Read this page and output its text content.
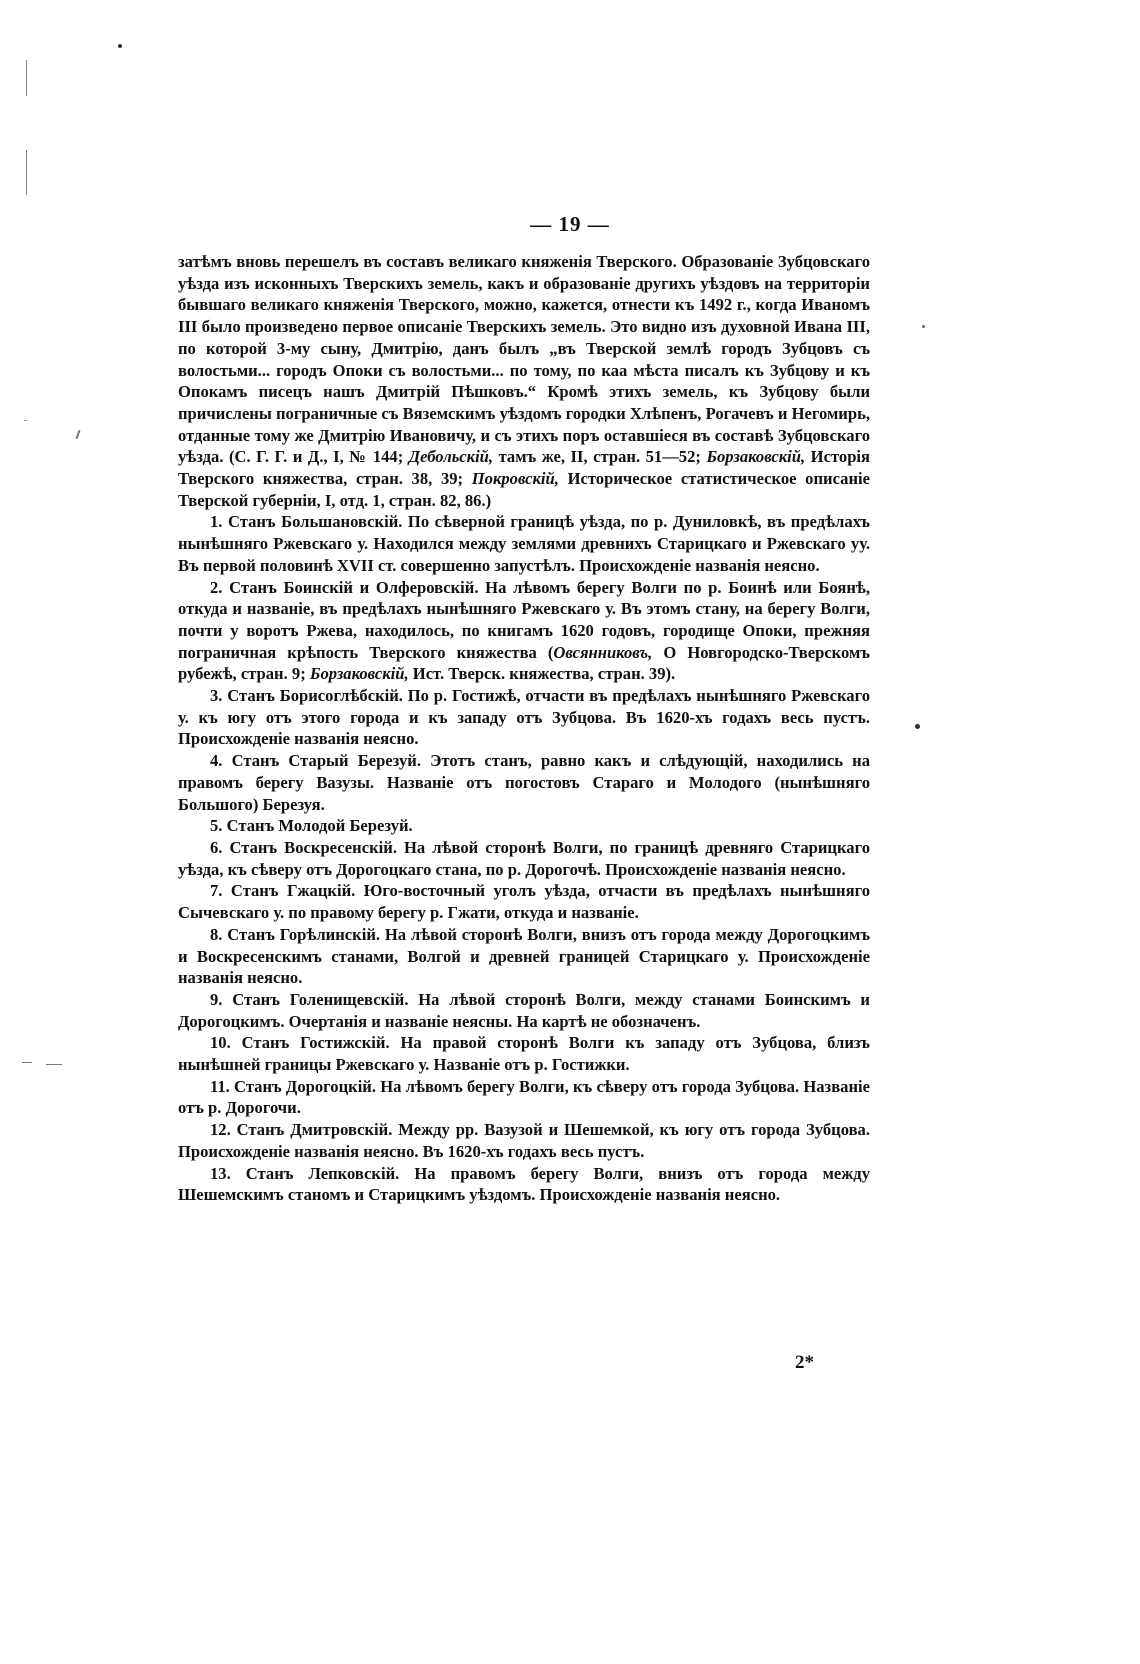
— 19 —

затѣмъ вновь перешелъ въ составъ великаго княженія Тверского. Образованіе Зубцовскаго уѣзда изъ исконныхъ Тверскихъ земель, какъ и образованіе другихъ уѣздовъ на территоріи бывшаго великаго княженія Тверского, можно, кажется, отнести къ 1492 г., когда Иваномъ III было произведено первое описаніе Тверскихъ земель. Это видно изъ духовной Ивана III, по которой 3-му сыну, Дмитрію, данъ былъ „въ Тверской землѣ городъ Зубцовъ съ волостьми... городъ Опоки съ волостьми... по тому, по каа мѣста писалъ къ Зубцову и къ Опокамъ писецъ нашъ Дмитрій Пѣшковъ.“ Кромѣ этихъ земель, къ Зубцову были причислены пограничные съ Вяземскимъ уѣздомъ городки Хлѣпенъ, Рогачевъ и Негомирь, отданные тому же Дмитрію Ивановичу, и съ этихъ поръ оставшіеся въ составѣ Зубцовскаго уѣзда. (С. Г. Г. и Д., I, № 144; Дебольскій, тамъ же, II, стран. 51—52; Борзаковскій, Исторія Тверского княжества, стран. 38, 39; Покровскій, Историческое статистическое описаніе Тверской губерніи, I, отд. 1, стран. 82, 86.)

1. Станъ Большановскій. По сѣверной границѣ уѣзда, по р. Дуниловкѣ, въ предѣлахъ нынѣшняго Ржевскаго у. Находился между землями древнихъ Старицкаго и Ржевскаго уу. Въ первой половинѣ XVII ст. совершенно запустѣлъ. Происхожденіе названія неясно.

2. Станъ Боинскій и Олферовскій. На лѣвомъ берегу Волги по р. Боинѣ или Боянѣ, откуда и названіе, въ предѣлахъ нынѣшняго Ржевскаго у. Въ этомъ стану, на берегу Волги, почти у воротъ Ржева, находилось, по книгамъ 1620 годовъ, городище Опоки, прежняя пограничная крѣпость Тверского княжества (Овсянниковъ, О Новгородско-Тверскомъ рубежѣ, стран. 9; Борзаковскій, Ист. Тверск. княжества, стран. 39).

3. Станъ Борисоглѣбскій. По р. Гостижѣ, отчасти въ предѣлахъ нынѣшняго Ржевскаго у. къ югу отъ этого города и къ западу отъ Зубцова. Въ 1620-хъ годахъ весь пустъ. Происхожденіе названія неясно.

4. Станъ Старый Березуй. Этотъ станъ, равно какъ и слѣдующій, находились на правомъ берегу Вазузы. Названіе отъ погостовъ Стараго и Молодого (нынѣшняго Большого) Березуя.

5. Станъ Молодой Березуй.

6. Станъ Воскресенскій. На лѣвой сторонѣ Волги, по границѣ древняго Старицкаго уѣзда, къ сѣверу отъ Дорогоцкаго стана, по р. Дорогочѣ. Происхожденіе названія неясно.

7. Станъ Гжацкій. Юго-восточный уголъ уѣзда, отчасти въ предѣлахъ нынѣшняго Сычевскаго у. по правому берегу р. Гжати, откуда и названіе.

8. Станъ Горѣлинскій. На лѣвой сторонѣ Волги, внизъ отъ города между Дорогоцкимъ и Воскресенскимъ станами, Волгой и древней границей Старицкаго у. Происхожденіе названія неясно.

9. Станъ Голенищевскій. На лѣвой сторонѣ Волги, между станами Боинскимъ и Дорогоцкимъ. Очертанія и названіе неясны. На картѣ не обозначенъ.

10. Станъ Гостижскій. На правой сторонѣ Волги къ западу отъ Зубцова, близъ нынѣшней границы Ржевскаго у. Названіе отъ р. Гостижки.

11. Станъ Дорогоцкій. На лѣвомъ берегу Волги, къ сѣверу отъ города Зубцова. Названіе отъ р. Дорогочи.

12. Станъ Дмитровскій. Между рр. Вазузой и Шешемкой, къ югу отъ города Зубцова. Происхожденіе названія неясно. Въ 1620-хъ годахъ весь пустъ.

13. Станъ Лепковскій. На правомъ берегу Волги, внизъ отъ города между Шешемскимъ станомъ и Старицкимъ уѣздомъ. Происхожденіе названія неясно.

2*
